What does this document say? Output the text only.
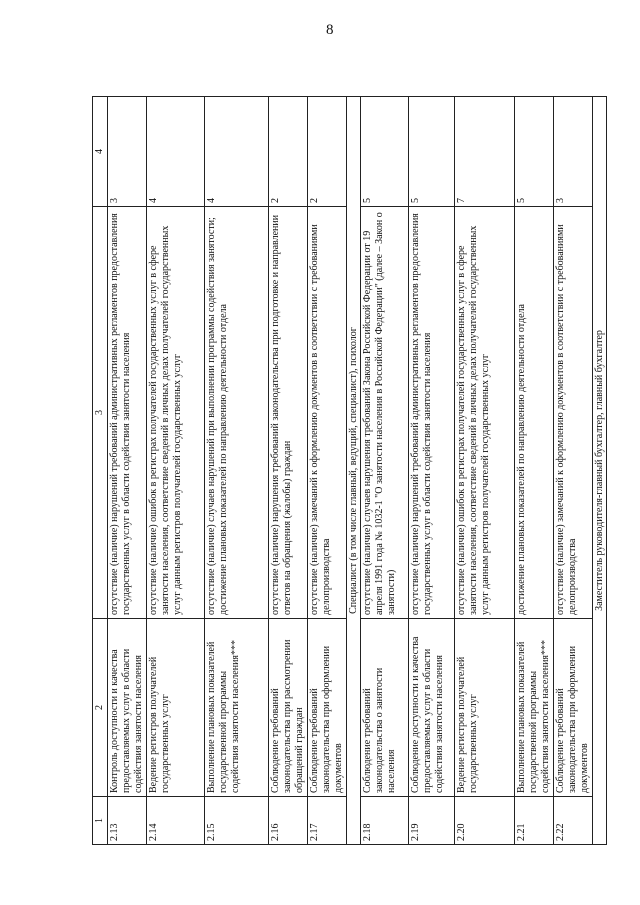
8
1	2	3	4
2.13	Контроль доступности и качества предоставляемых услуг в области содействия занятости населения	отсутствие (наличие) нарушений требований административных регламентов предоставления государственных услуг в области содействия занятости населения	3
2.14	Ведение регистров получателей государственных услуг	отсутствие (наличие) ошибок в регистрах получателей государственных услуг в сфере занятости населения, соответствие сведений в личных делах получателей государственных услуг данным регистров получателей государственных услуг	4
2.15	Выполнение плановых показателей государственной программы содействия занятости населения***	отсутствие (наличие) случаев нарушений при выполнении программы содействия занятости; достижение плановых показателей по направлению деятельности отдела	4
2.16	Соблюдение требований законодательства при рассмотрении обращений граждан	отсутствие (наличие) нарушения требований законодательства при подготовке и направлении ответов на обращения (жалобы) граждан	2
2.17	Соблюдение требований законодательства при оформлении документов	отсутствие (наличие) замечаний к оформлению документов в соответствии с требованиями делопроизводства	2
Специалист (в том числе главный, ведущий, специалист), психолог			
2.18	Соблюдение требований законодательства о занятости населения	отсутствие (наличие) случаев нарушения требований Закона Российской Федерации от 19 апреля 1991 года № 1032-1 "О занятости населения в Российской Федерации" (далее – Закон о занятости)	5
2.19	Соблюдение доступности и качества предоставляемых услуг в области содействия занятости населения	отсутствие (наличие) нарушений требований административных регламентов предоставления государственных услуг в области содействия занятости населения	5
2.20	Ведение регистров получателей государственных услуг	отсутствие (наличие) ошибок в регистрах получателей государственных услуг в сфере занятости населения, соответствие сведений в личных делах получателей государственных услуг данным регистров получателей государственных услуг	7
2.21	Выполнение плановых показателей государственной программы содействия занятости населения***	достижение плановых показателей по направлению деятельности отдела	5
2.22	Соблюдение требований законодательства при оформлении документов	отсутствие (наличие) замечаний к оформлению документов в соответствии с требованиями делопроизводства	3
Заместитель руководителя-главный бухгалтер, главный бухгалтер			
